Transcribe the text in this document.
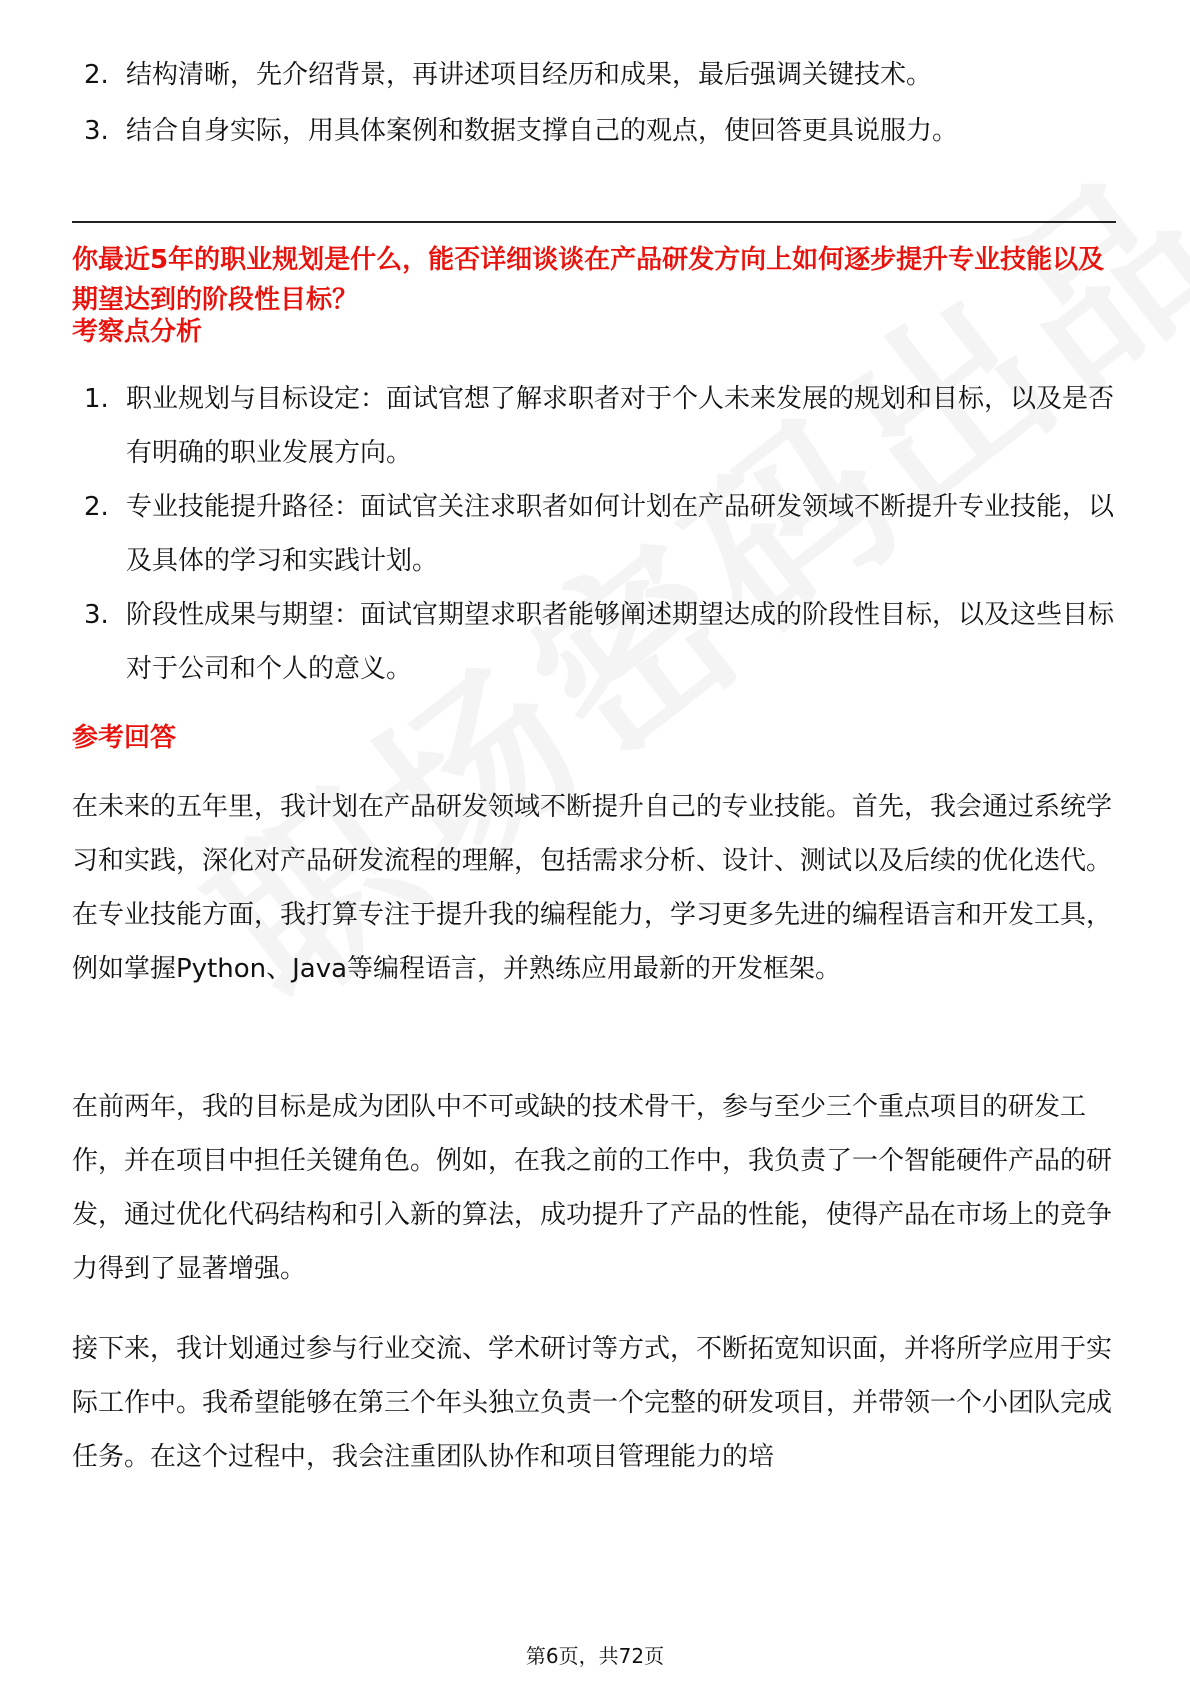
2. 结构清晰，先介绍背景，再讲述项目经历和成果，最后强调关键技术。
3. 结合自身实际，用具体案例和数据支撑自己的观点，使回答更具说服力。
你最近5年的职业规划是什么，能否详细谈谈在产品研发方向上如何逐步提升专业技能以及期望达到的阶段性目标？
考察点分析
1. 职业规划与目标设定：面试官想了解求职者对于个人未来发展的规划和目标，以及是否有明确的职业发展方向。
2. 专业技能提升路径：面试官关注求职者如何计划在产品研发领域不断提升专业技能，以及具体的学习和实践计划。
3. 阶段性成果与期望：面试官期望求职者能够阐述期望达成的阶段性目标，以及这些目标对于公司和个人的意义。
参考回答
在未来的五年里，我计划在产品研发领域不断提升自己的专业技能。首先，我会通过系统学习和实践，深化对产品研发流程的理解，包括需求分析、设计、测试以及后续的优化迭代。在专业技能方面，我打算专注于提升我的编程能力，学习更多先进的编程语言和开发工具，例如掌握Python、Java等编程语言，并熟练应用最新的开发框架。
在前两年，我的目标是成为团队中不可或缺的技术骨干，参与至少三个重点项目的研发工作，并在项目中担任关键角色。例如，在我之前的工作中，我负责了一个智能硬件产品的研发，通过优化代码结构和引入新的算法，成功提升了产品的性能，使得产品在市场上的竞争力得到了显著增强。
接下来，我计划通过参与行业交流、学术研讨等方式，不断拓宽知识面，并将所学应用于实际工作中。我希望能够在第三个年头独立负责一个完整的研发项目，并带领一个小团队完成任务。在这个过程中，我会注重团队协作和项目管理能力的培
第6页，共72页
